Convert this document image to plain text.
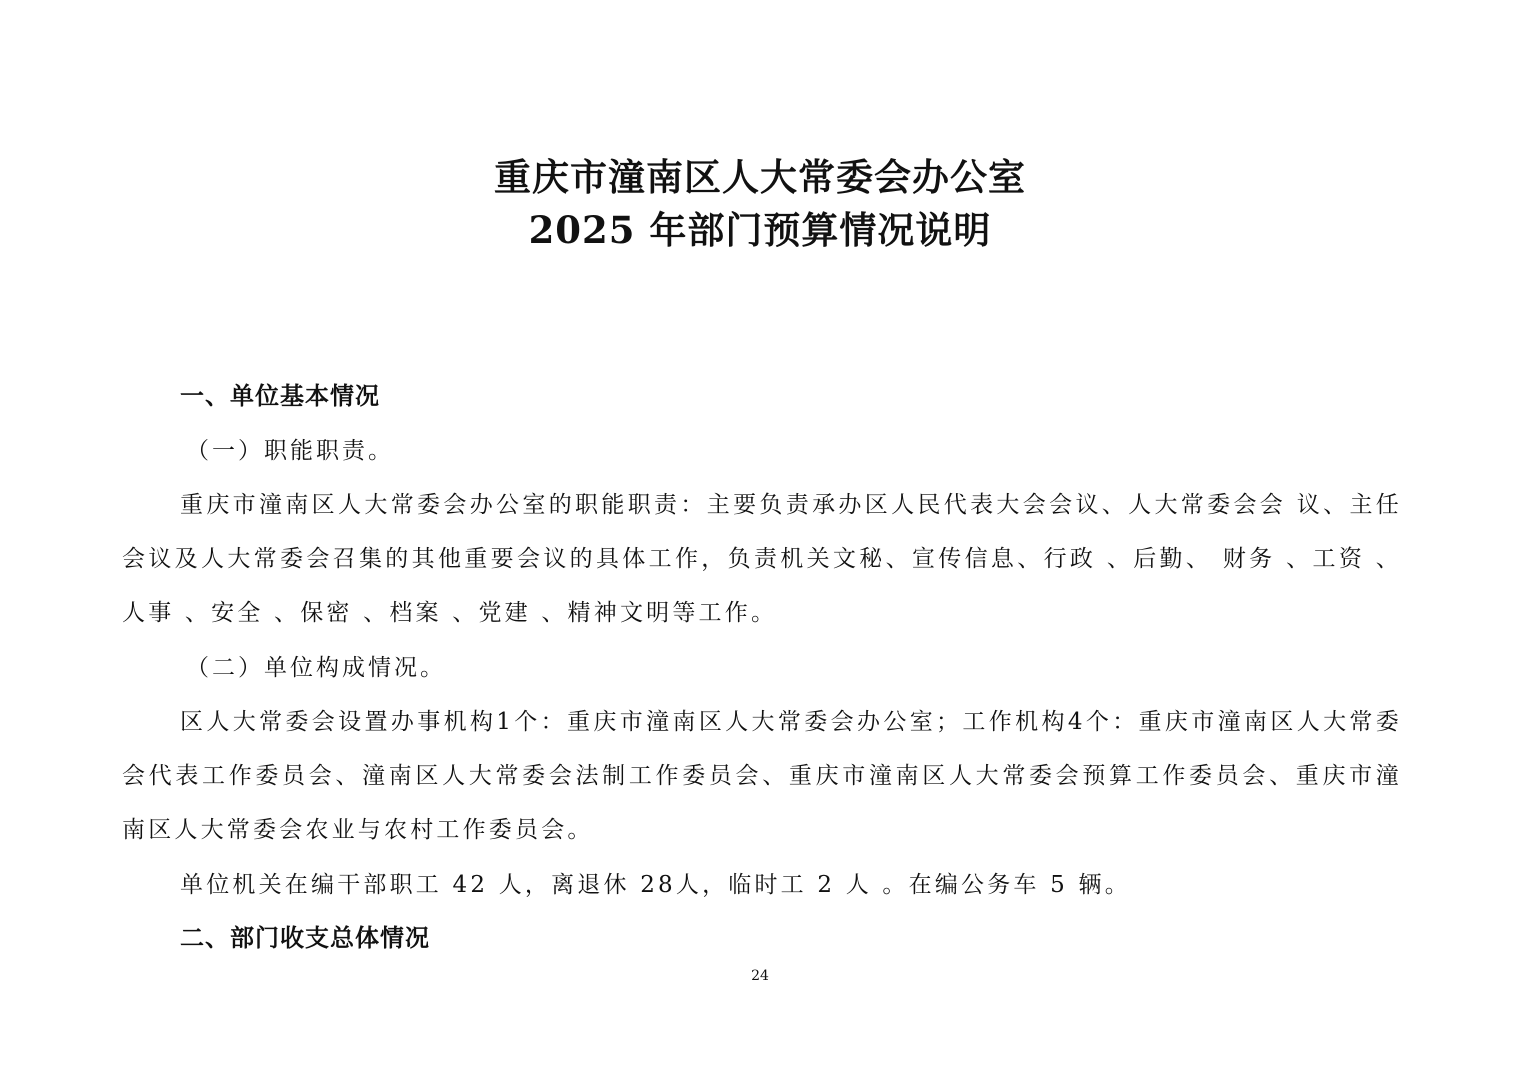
重庆市潼南区人大常委会办公室
2025 年部门预算情况说明
一、单位基本情况
（一）职能职责。

重庆市潼南区人大常委会办公室的职能职责：主要负责承办区人民代表大会会议、人大常委会会 议、主任会议及人大常委会召集的其他重要会议的具体工作，负责机关文秘、宣传信息、行政 、后勤、 财务 、工资 、人事 、安全 、保密 、档案 、党建 、精神文明等工作。

（二）单位构成情况。

区人大常委会设置办事机构1个：重庆市潼南区人大常委会办公室；工作机构4个：重庆市潼南区人大常委会代表工作委员会、潼南区人大常委会法制工作委员会、重庆市潼南区人大常委会预算工作委员会、重庆市潼南区人大常委会农业与农村工作委员会。

单位机关在编干部职工 42 人，离退休 28人，临时工 2 人 。在编公务车 5 辆。

二、部门收支总体情况
24
